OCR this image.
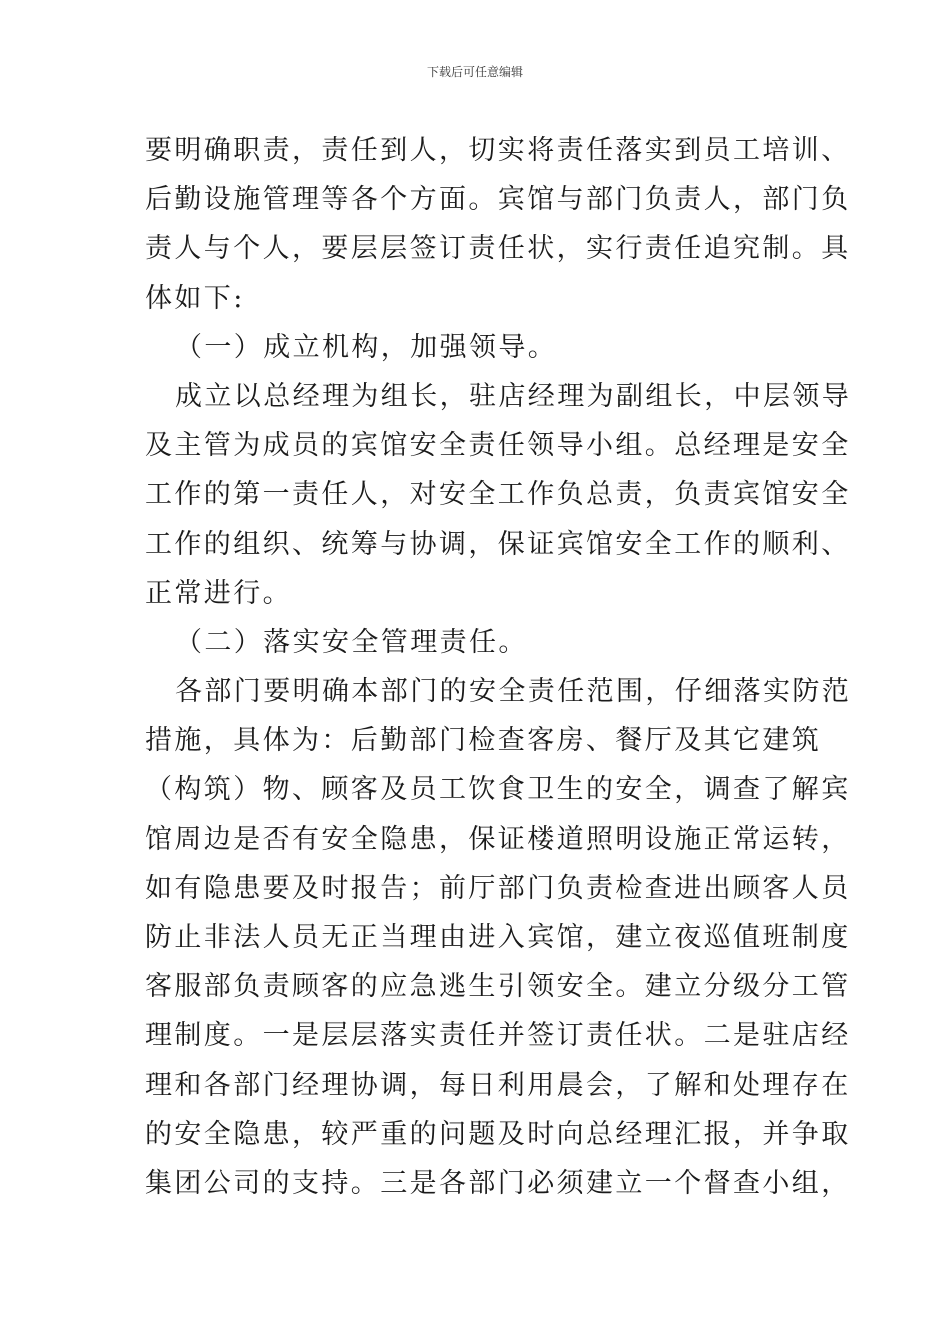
下载后可任意编辑
要明确职责，责任到人，切实将责任落实到员工培训、
后勤设施管理等各个方面。宾馆与部门负责人，部门负
责人与个人，要层层签订责任状，实行责任追究制。具
体如下:
（一）成立机构，加强领导。
成立以总经理为组长，驻店经理为副组长，中层领导
及主管为成员的宾馆安全责任领导小组。总经理是安全
工作的第一责任人，对安全工作负总责，负责宾馆安全
工作的组织、统筹与协调，保证宾馆安全工作的顺利、
正常进行。
（二）落实安全管理责任。
各部门要明确本部门的安全责任范围，仔细落实防范
措施，具体为：后勤部门检查客房、餐厅及其它建筑
（构筑）物、顾客及员工饮食卫生的安全，调查了解宾
馆周边是否有安全隐患，保证楼道照明设施正常运转，
如有隐患要及时报告；前厅部门负责检查进出顾客人员
防止非法人员无正当理由进入宾馆，建立夜巡值班制度
客服部负责顾客的应急逃生引领安全。建立分级分工管
理制度。一是层层落实责任并签订责任状。二是驻店经
理和各部门经理协调，每日利用晨会，了解和处理存在
的安全隐患，较严重的问题及时向总经理汇报，并争取
集团公司的支持。三是各部门必须建立一个督查小组，
